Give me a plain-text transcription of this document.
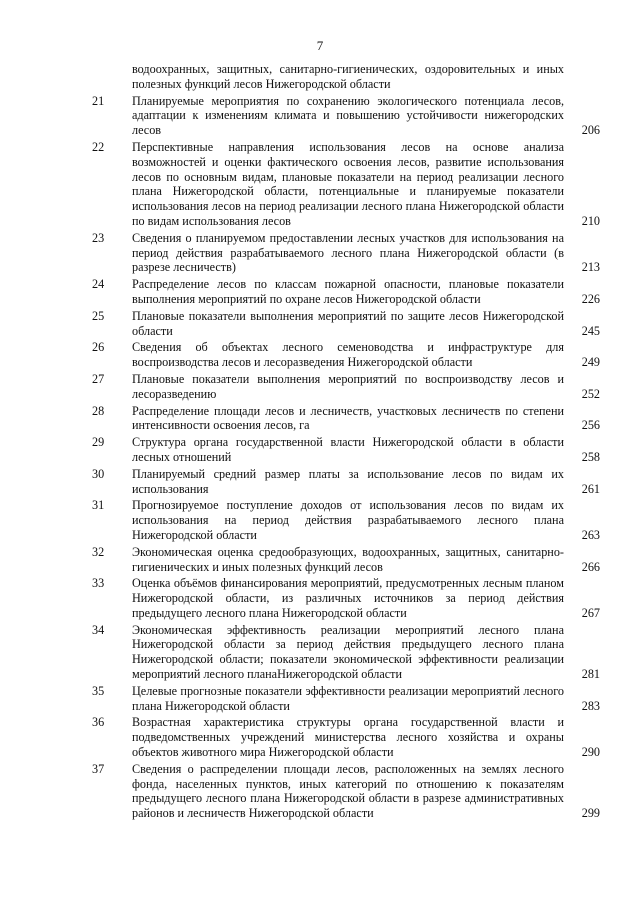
7
водоохранных, защитных, санитарно-гигиенических, оздоровительных и иных полезных функций лесов Нижегородской области
21	Планируемые мероприятия по сохранению экологического потенциала лесов, адаптации к изменениям климата и повышению устойчивости нижегородских лесов	206
22	Перспективные направления использования лесов на основе анализа возможностей и оценки фактического освоения лесов, развитие использования лесов по основным видам, плановые показатели на период реализации лесного плана Нижегородской области, потенциальные и планируемые показатели использования лесов на период реализации лесного плана Нижегородской области по видам использования лесов	210
23	Сведения о планируемом предоставлении лесных участков для использования на период действия разрабатываемого лесного плана Нижегородской области (в разрезе лесничеств)	213
24	Распределение лесов по классам пожарной опасности, плановые показатели выполнения мероприятий по охране лесов Нижегородской области	226
25	Плановые показатели выполнения мероприятий по защите лесов Нижегородской области	245
26	Сведения об объектах лесного семеноводства и инфраструктуре для воспроизводства лесов и лесоразведения Нижегородской области	249
27	Плановые показатели выполнения мероприятий по воспроизводству лесов и лесоразведению	252
28	Распределение площади лесов и лесничеств, участковых лесничеств по степени интенсивности освоения лесов, га	256
29	Структура органа государственной власти Нижегородской области в области лесных отношений	258
30	Планируемый средний размер платы за использование лесов по видам их использования	261
31	Прогнозируемое поступление доходов от использования лесов по видам их использования на период действия разрабатываемого лесного плана Нижегородской области	263
32	Экономическая оценка средообразующих, водоохранных, защитных, санитарно-гигиенических и иных полезных функций лесов	266
33	Оценка объёмов финансирования мероприятий, предусмотренных лесным планом Нижегородской области, из различных источников за период действия предыдущего лесного плана Нижегородской области	267
34	Экономическая эффективность реализации мероприятий лесного плана Нижегородской области за период действия предыдущего лесного плана Нижегородской области; показатели экономической эффективности реализации мероприятий лесного планаНижегородской области	281
35	Целевые прогнозные показатели эффективности реализации мероприятий лесного плана Нижегородской области	283
36	Возрастная характеристика структуры органа государственной власти и подведомственных учреждений министерства лесного хозяйства и охраны объектов животного мира Нижегородской области	290
37	Сведения о распределении площади лесов, расположенных на землях лесного фонда, населенных пунктов, иных категорий по отношению к показателям предыдущего лесного плана Нижегородской области в разрезе административных районов и лесничеств Нижегородской области	299
